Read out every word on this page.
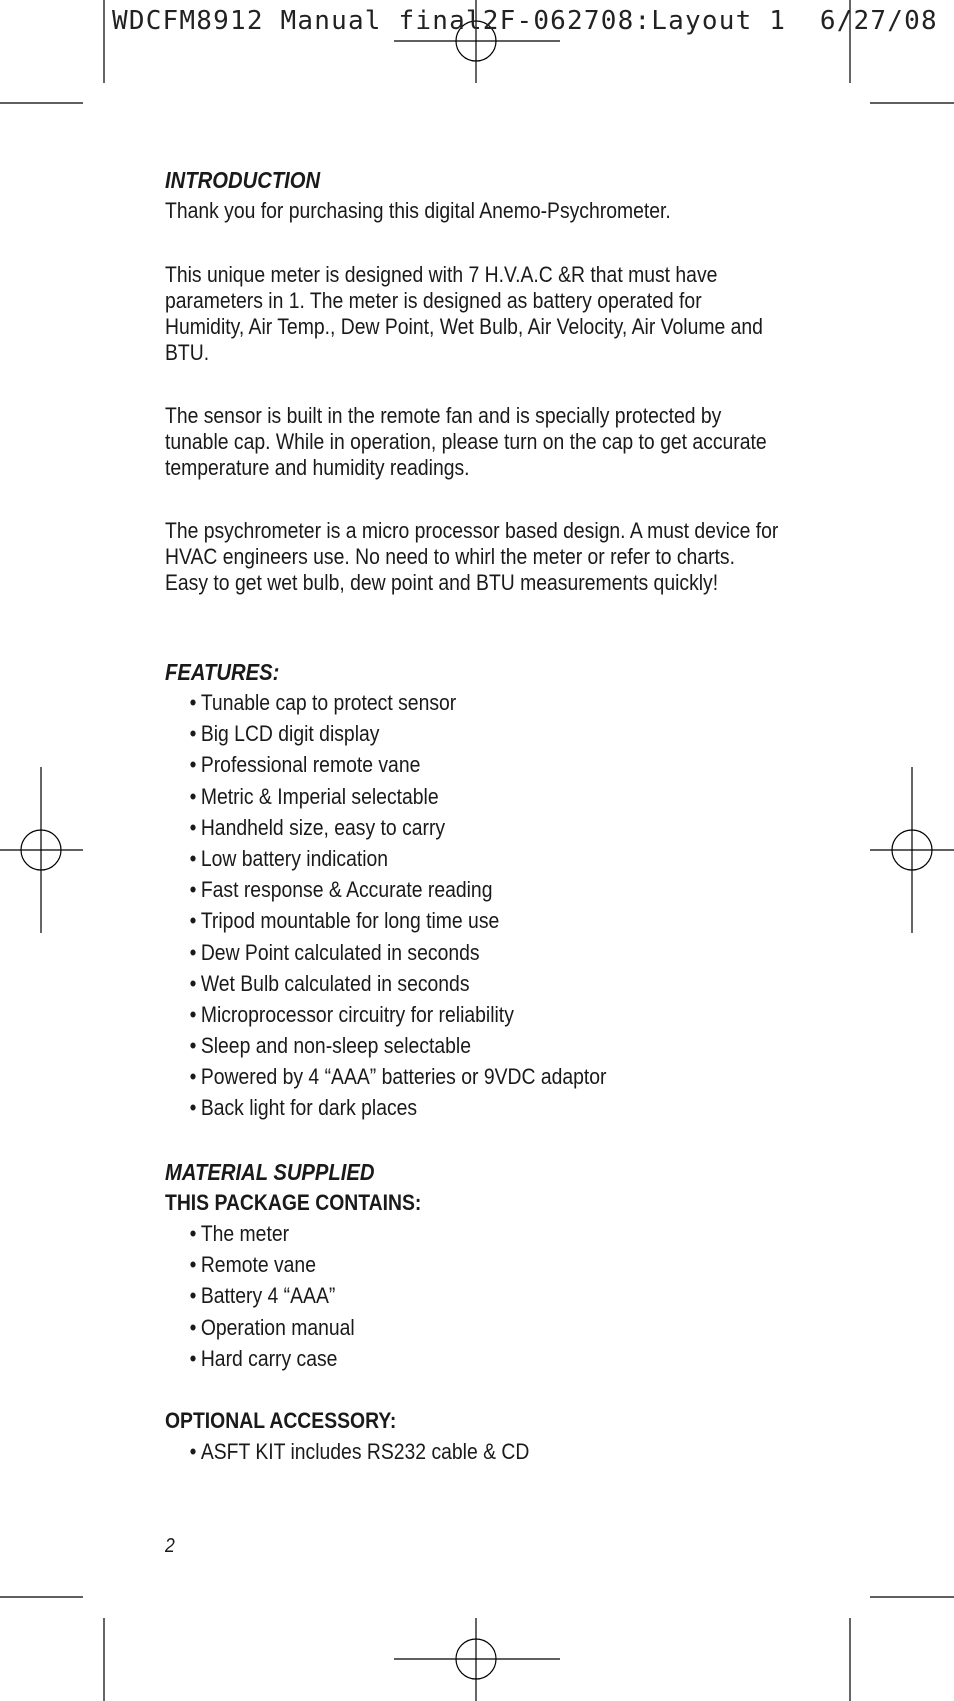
WDCFM8912 Manual final2F-062708:Layout 1  6/27/08
INTRODUCTION

Thank you for purchasing this digital Anemo-Psychrometer.

This unique meter is designed with 7 H.V.A.C &R that must have parameters in 1. The meter is designed as battery operated for Humidity, Air Temp., Dew Point, Wet Bulb, Air Velocity, Air Volume and BTU.

The sensor is built in the remote fan and is specially protected by tunable cap. While in operation, please turn on the cap to get accurate temperature and humidity readings.

The psychrometer is a micro processor based design. A must device for HVAC engineers use. No need to whirl the meter or refer to charts. Easy to get wet bulb, dew point and BTU measurements quickly!

FEATURES:
• Tunable cap to protect sensor
• Big LCD digit display
• Professional remote vane
• Metric & Imperial selectable
• Handheld size, easy to carry
• Low battery indication
• Fast response & Accurate reading
• Tripod mountable for long time use
• Dew Point calculated in seconds
• Wet Bulb calculated in seconds
• Microprocessor circuitry for reliability
• Sleep and non-sleep selectable
• Powered by 4 “AAA” batteries or 9VDC adaptor
• Back light for dark places
MATERIAL SUPPLIED
THIS PACKAGE CONTAINS:
• The meter
• Remote vane
• Battery 4 “AAA”
• Operation manual
• Hard carry case
OPTIONAL ACCESSORY:
• ASFT KIT includes RS232 cable & CD
2
